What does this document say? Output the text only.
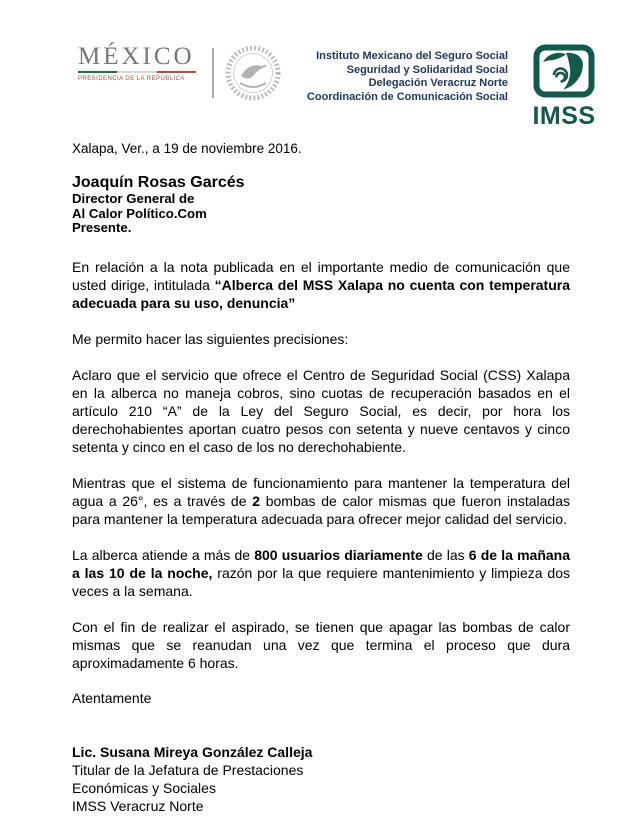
MÉXICO
PRESIDENCIA DE LA REPÚBLICA
Instituto Mexicano del Seguro Social
Seguridad y Solidaridad Social
Delegación Veracruz Norte
Coordinación de Comunicación Social
IMSS
Xalapa, Ver., a 19 de noviembre 2016.
Joaquín Rosas Garcés
Director General de
Al Calor Político.Com
Presente.
En relación a la nota publicada en el importante medio de comunicación que usted dirige, intitulada “Alberca del MSS Xalapa no cuenta con temperatura adecuada para su uso, denuncia”
Me permito hacer las siguientes precisiones:
Aclaro que el servicio que ofrece el Centro de Seguridad Social (CSS) Xalapa en la alberca no maneja cobros, sino cuotas de recuperación basados en el artículo 210 “A” de la Ley del Seguro Social, es decir, por hora los derechohabientes aportan cuatro pesos con setenta y nueve centavos y cinco setenta y cinco en el caso de los no derechohabiente.
Mientras que el sistema de funcionamiento para mantener la temperatura del agua a 26°, es a través de 2 bombas de calor mismas que fueron instaladas para mantener la temperatura adecuada para ofrecer mejor calidad del servicio.
La alberca atiende a más de 800 usuarios diariamente de las 6 de la mañana a las 10 de la noche, razón por la que requiere mantenimiento y limpieza dos veces a la semana.
Con el fin de realizar el aspirado, se tienen que apagar las bombas de calor mismas que se reanudan una vez que termina el proceso que dura aproximadamente 6 horas.
Atentamente
Lic. Susana Mireya González Calleja
Titular de la Jefatura de Prestaciones
Económicas y Sociales
IMSS Veracruz Norte
